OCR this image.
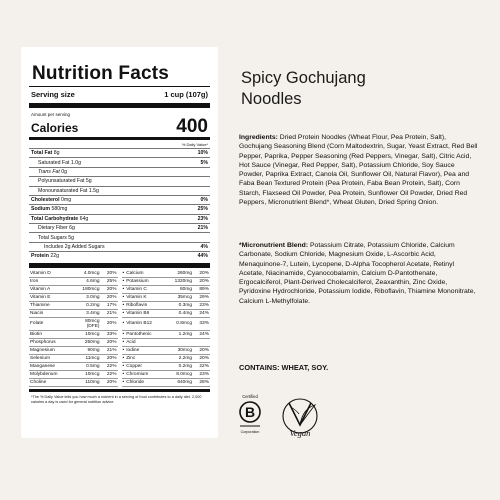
Nutrition Facts
Serving size	1 cup (107g)
Amount per serving
Calories	400
% Daily Value*
Total Fat 8g	10%
Saturated Fat 1.0g	5%
Trans Fat 0g
Polyunsaturated Fat 5g
Monounsaturated Fat 1.5g
Cholesterol 0mg	0%
Sodium 580mg	25%
Total Carbohydrate 64g	23%
Dietary Fiber 6g	21%
Total Sugars 5g
Includes 2g Added Sugars	4%
Protein 22g	44%
Vitamin D	4.0mcg	20%	• Calcium	260mg	20%
Iron	4.6mg	25%	• Potassium	1320mg	20%
Vitamin A	180mcg	20%	• Vitamin C	80mg	89%
Vitamin E	3.0mg	20%	• Vitamin K	35mcg	29%
Thiamine	0.2mg	17%	• Riboflavin	0.3mg	23%
Niacin	3.4mg	21%	• Vitamin B6	0.4mg	24%
Folate	80mcg (DFE)	20%	• Vitamin B12	0.8mcg	33%
Biotin	10mcg	33%	• Pantothenic	1.2mg	24%
Phosphorus	250mg	20%	• Acid
Magnesium	90mg	21%	• Iodine	30mcg	20%
Selenium	11mcg	20%	• Zinc	2.2mg	20%
Manganese	0.5mg	22%	• Copper	0.2mg	22%
Molybdenum	10mcg	22%	• Chromium	8.0mcg	23%
Choline	110mg	20%	• Chloride	640mg	28%
*The % Daily Value tells you how much a nutrient in a serving of food contributes to a daily diet. 2,000 calories a day is used for general nutrition advice.
Spicy Gochujang
Noodles
Ingredients: Dried Protein Noodles (Wheat Flour, Pea Protein, Salt), Gochujang Seasoning Blend (Corn Maltodextrin, Sugar, Yeast Extract, Red Bell Pepper, Paprika, Pepper Seasoning (Red Peppers, Vinegar, Salt), Citric Acid, Hot Sauce (Vinegar, Red Pepper, Salt), Potassium Chloride, Soy Sauce Powder, Paprika Extract, Canola Oil, Sunflower Oil, Natural Flavor), Pea and Faba Bean Textured Protein (Pea Protein, Faba Bean Protein, Salt), Corn Starch, Flaxseed Oil Powder, Pea Protein, Sunflower Oil Powder, Dried Red Peppers, Micronutrient Blend*, Wheat Gluten, Dried Spring Onion.
*Micronutrient Blend: Potassium Citrate, Potassium Chloride, Calcium Carbonate, Sodium Chloride, Magnesium Oxide, L-Ascorbic Acid, Menaquinone-7, Lutein, Lycopene, D-Alpha Tocopherol Acetate, Retinyl Acetate, Niacinamide, Cyanocobalamin, Calcium D-Pantothenate, Ergocalciferol, Plant-Derived Cholecalciferol, Zeaxanthin, Zinc Oxide, Pyridoxine Hydrochloride, Potassium Iodide, Riboflavin, Thiamine Mononitrate, Calcium L-Methylfolate.
CONTAINS: WHEAT, SOY.
Certified
B
Corporation	Vegan
